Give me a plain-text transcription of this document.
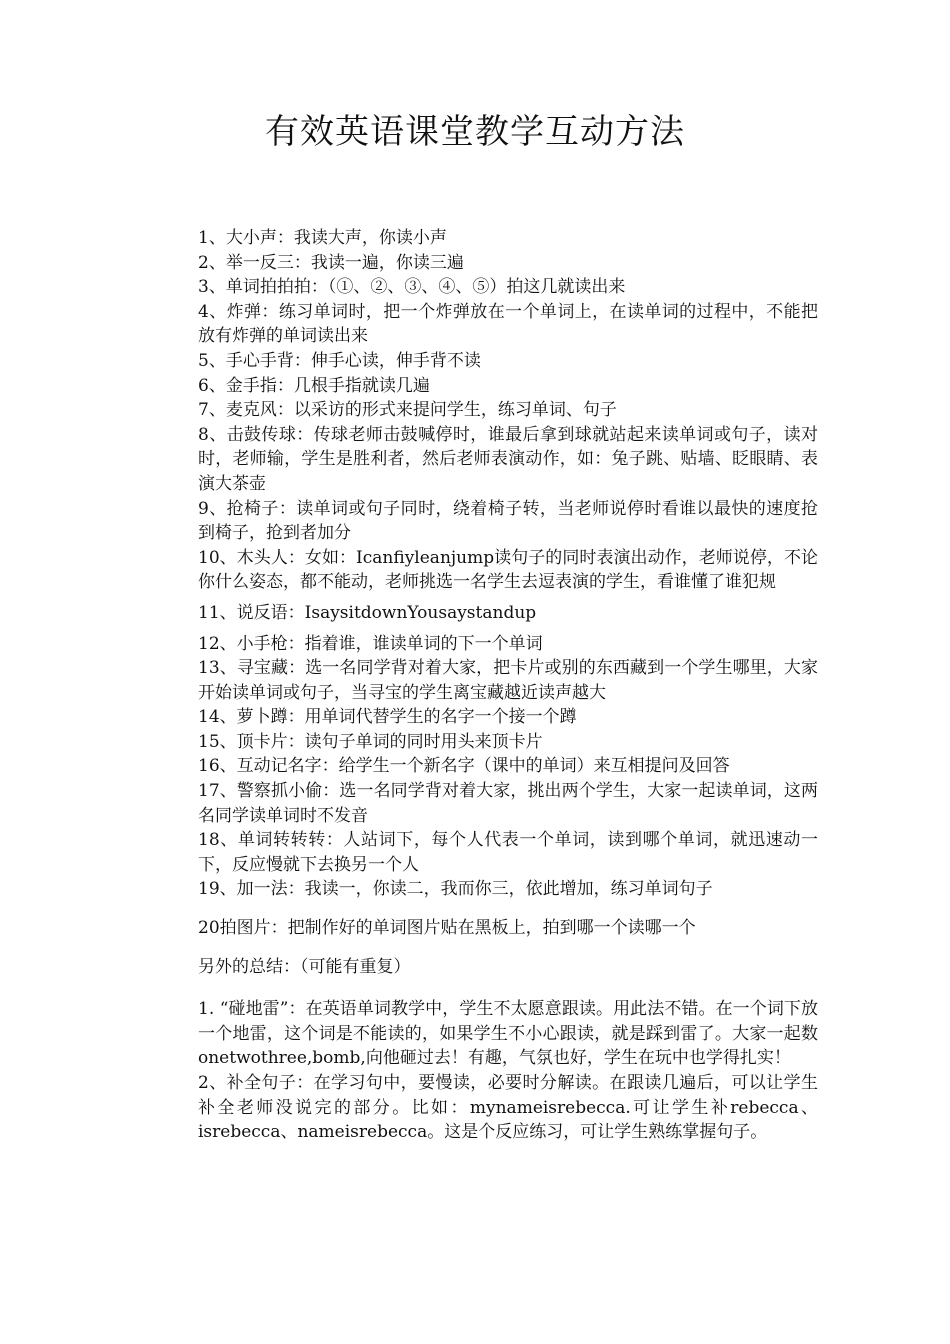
有效英语课堂教学互动方法

1、大小声：我读大声，你读小声

2、举一反三：我读一遍，你读三遍

3、单词拍拍拍：（①、②、③、④、⑤）拍这几就读出来

4、炸弹：练习单词时，把一个炸弹放在一个单词上，在读单词的过程中，不能把放有炸弹的单词读出来

5、手心手背：伸手心读，伸手背不读

6、金手指：几根手指就读几遍

7、麦克风：以采访的形式来提问学生，练习单词、句子

8、击鼓传球：传球老师击鼓喊停时，谁最后拿到球就站起来读单词或句子，读对时，老师输，学生是胜利者，然后老师表演动作，如：兔子跳、贴墙、眨眼睛、表演大茶壶

9、抢椅子：读单词或句子同时，绕着椅子转，当老师说停时看谁以最快的速度抢到椅子，抢到者加分

10、木头人：女如：Icanfiyleanjump读句子的同时表演出动作，老师说停，不论你什么姿态，都不能动，老师挑选一名学生去逗表演的学生，看谁懂了谁犯规

11、说反语：IsaysitdownYousaystandup

12、小手枪：指着谁，谁读单词的下一个单词

13、寻宝藏：选一名同学背对着大家，把卡片或别的东西藏到一个学生哪里，大家开始读单词或句子，当寻宝的学生离宝藏越近读声越大

14、萝卜蹲：用单词代替学生的名字一个接一个蹲

15、顶卡片：读句子单词的同时用头来顶卡片

16、互动记名字：给学生一个新名字（课中的单词）来互相提问及回答

17、警察抓小偷：选一名同学背对着大家，挑出两个学生，大家一起读单词，这两名同学读单词时不发音

18、单词转转转：人站词下，每个人代表一个单词，读到哪个单词，就迅速动一下，反应慢就下去换另一个人

19、加一法：我读一，你读二，我而你三，依此增加，练习单词句子

20拍图片：把制作好的单词图片贴在黑板上，拍到哪一个读哪一个

另外的总结：（可能有重复）

1. “碰地雷”：在英语单词教学中，学生不太愿意跟读。用此法不错。在一个词下放一个地雷，这个词是不能读的，如果学生不小心跟读，就是踩到雷了。大家一起数onetwothree,bomb,向他砸过去！有趣，气氛也好，学生在玩中也学得扎实！

2、补全句子：在学习句中，要慢读，必要时分解读。在跟读几遍后，可以让学生补全老师没说完的部分。比如：mynameisrebecca.可让学生补rebecca、isrebecca、nameisrebecca。这是个反应练习，可让学生熟练掌握句子。
